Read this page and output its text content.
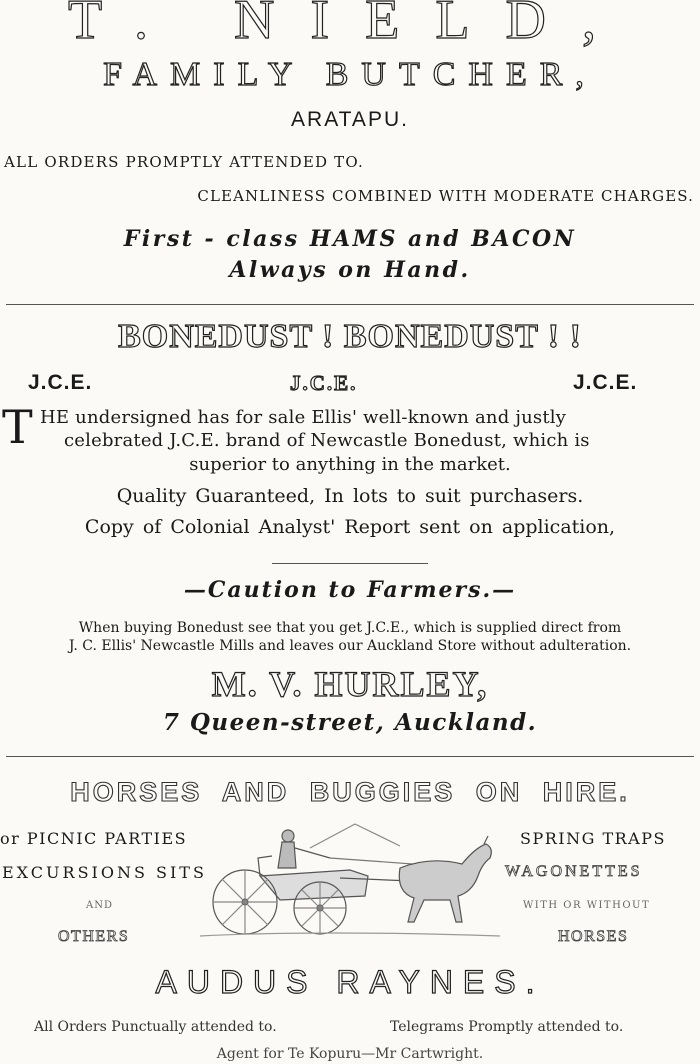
T. NIELD,
FAMILY BUTCHER,
ARATAPU.
ALL ORDERS PROMPTLY ATTENDED TO.
CLEANLINESS COMBINED WITH MODERATE CHARGES.
First - class HAMS and BACON
Always on Hand.
BONEDUST ! BONEDUST ! !
J.C.E.	J.C.E.	J.C.E.
T HE undersigned has for sale Ellis' well-known and justly
celebrated J.C.E. brand of Newcastle Bonedust, which is
superior to anything in the market.
Quality Guaranteed, In lots to suit purchasers.
Copy of Colonial Analyst' Report sent on application,
—Caution to Farmers.—
When buying Bonedust see that you get J.C.E., which is supplied direct from
J. C. Ellis' Newcastle Mills and leaves our Auckland Store without adulteration.
M. V. HURLEY,
7 Queen-street, Auckland.
HORSES AND BUGGIES ON HIRE.
or PICNIC PARTIES
EXCURSIONS SITS
AND
OTHERS
SPRING TRAPS
WAGONETTES
WITH OR WITHOUT
HORSES
AUDUS RAYNES.
All Orders Punctually attended to.	Telegrams Promptly attended to.
Agent for Te Kopuru—Mr Cartwright.
